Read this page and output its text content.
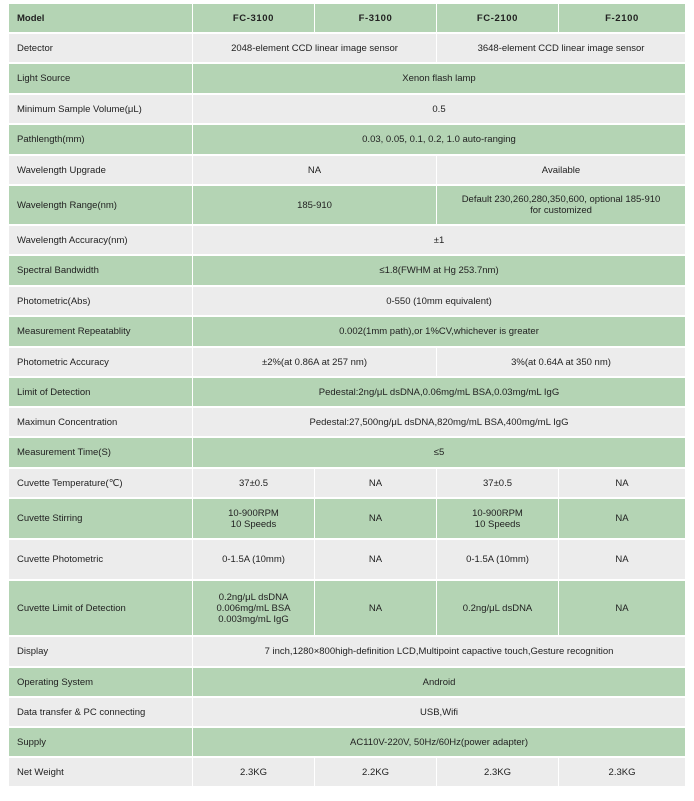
Model	FC-3100	F-3100	FC-2100	F-2100
Detector	2048-element CCD linear image sensor		3648-element CCD linear image sensor	
Light Source	Xenon flash lamp			
Minimum Sample Volume(μL)	0.5			
Pathlength(mm)	0.03, 0.05, 0.1, 0.2, 1.0 auto-ranging			
Wavelength Upgrade	NA		Available	
Wavelength Range(nm)	185-910		Default 230,260,280,350,600, optional 185-910
for customized	
Wavelength Accuracy(nm)	±1			
Spectral Bandwidth	≤1.8(FWHM at Hg 253.7nm)			
Photometric(Abs)	0-550 (10mm equivalent)			
Measurement Repeatablity	0.002(1mm path),or 1%CV,whichever is greater			
Photometric Accuracy	±2%(at 0.86A at 257 nm)		3%(at 0.64A at 350 nm)	
Limit of Detection	Pedestal:2ng/μL dsDNA,0.06mg/mL BSA,0.03mg/mL IgG			
Maximun Concentration	Pedestal:27,500ng/μL dsDNA,820mg/mL BSA,400mg/mL IgG			
Measurement Time(S)	≤5			
Cuvette Temperature(℃)	37±0.5	NA	37±0.5	NA
Cuvette Stirring	10-900RPM
10 Speeds	NA	10-900RPM
10 Speeds	NA
Cuvette Photometric	0-1.5A (10mm)	NA	0-1.5A (10mm)	NA
Cuvette Limit of Detection	0.2ng/μL dsDNA
0.006mg/mL BSA
0.003mg/mL IgG	NA	0.2ng/μL dsDNA	NA
Display	7 inch,1280×800high-definition LCD,Multipoint capactive touch,Gesture recognition			
Operating System	Android			
Data transfer & PC connecting	USB,Wifi			
Supply	AC110V-220V, 50Hz/60Hz(power adapter)			
Net Weight	2.3KG	2.2KG	2.3KG	2.3KG
